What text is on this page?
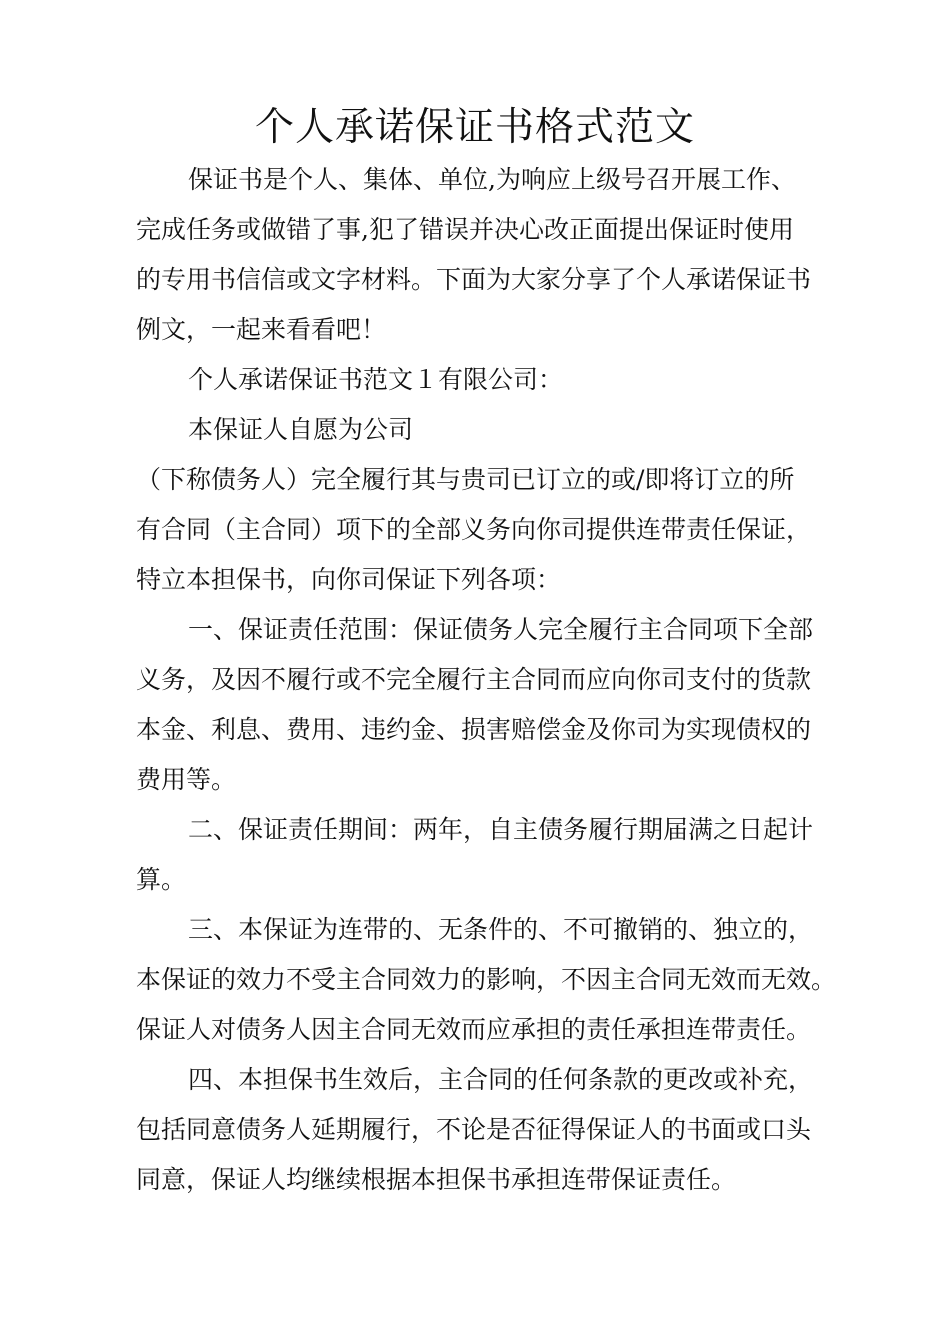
个人承诺保证书格式范文
保证书是个人、集体、单位,为响应上级号召开展工作、
完成任务或做错了事,犯了错误并决心改正面提出保证时使用
的专用书信信或文字材料。下面为大家分享了个人承诺保证书
例文，一起来看看吧！
个人承诺保证书范文１有限公司：
本保证人自愿为公司
（下称债务人）完全履行其与贵司已订立的或/即将订立的所
有合同（主合同）项下的全部义务向你司提供连带责任保证，
特立本担保书，向你司保证下列各项：
一、保证责任范围：保证债务人完全履行主合同项下全部
义务，及因不履行或不完全履行主合同而应向你司支付的货款
本金、利息、费用、违约金、损害赔偿金及你司为实现债权的
费用等。
二、保证责任期间：两年，自主债务履行期届满之日起计
算。
三、本保证为连带的、无条件的、不可撤销的、独立的，
本保证的效力不受主合同效力的影响，不因主合同无效而无效。
保证人对债务人因主合同无效而应承担的责任承担连带责任。
四、本担保书生效后，主合同的任何条款的更改或补充，
包括同意债务人延期履行，不论是否征得保证人的书面或口头
同意，保证人均继续根据本担保书承担连带保证责任。
